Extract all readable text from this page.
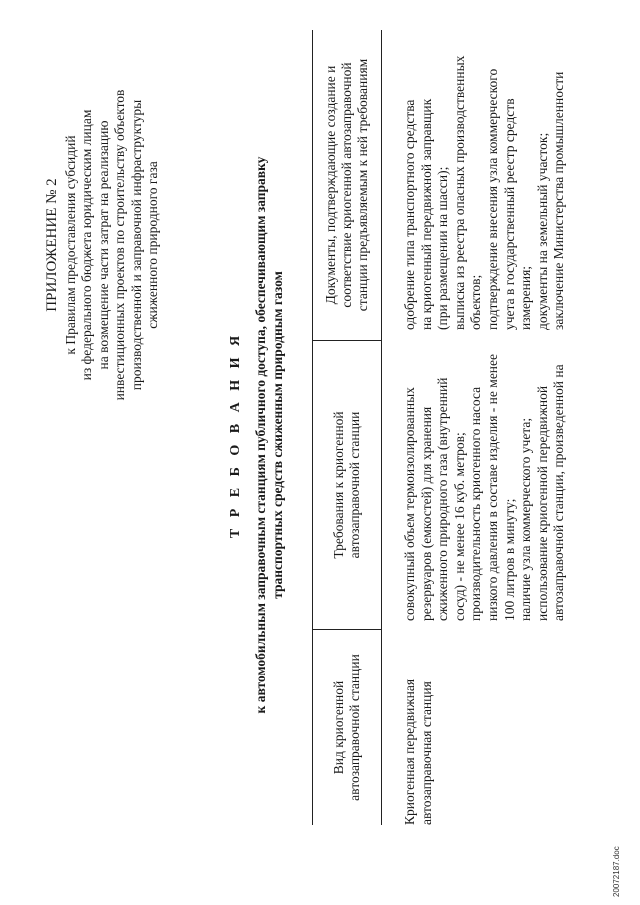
ПРИЛОЖЕНИЕ № 2 к Правилам предоставления субсидий из федерального бюджета юридическим лицам на возмещение части затрат на реализацию инвестиционных проектов по строительству объектов производственной и заправочной инфраструктуры сжиженного природного газа
Т Р Е Б О В А Н И Я к автомобильным заправочным станциям публичного доступа, обеспечивающим заправку транспортных средств сжиженным природным газом
Вид криогенной автозаправочной станции
Требования к криогенной автозаправочной станции
Документы, подтверждающие создание и соответствие криогенной автозаправочной станции предъявляемым к ней требованиям
Криогенная передвижная автозаправочная станция
совокупный объем термоизолированных резервуаров (емкостей) для хранения сжиженного природного газа (внутренний сосуд) - не менее 16 куб. метров; производительность криогенного насоса низкого давления в составе изделия - не менее 100 литров в минуту; наличие узла коммерческого учета; использование криогенной передвижной автозаправочной станции, произведенной на
одобрение типа транспортного средства на криогенный передвижной заправщик (при размещении на шасси); выписка из реестра опасных производственных объектов; подтверждение внесения узла коммерческого учета в государственный реестр средств измерения; документы на земельный участок; заключение Министерства промышленности
20072187.doc
